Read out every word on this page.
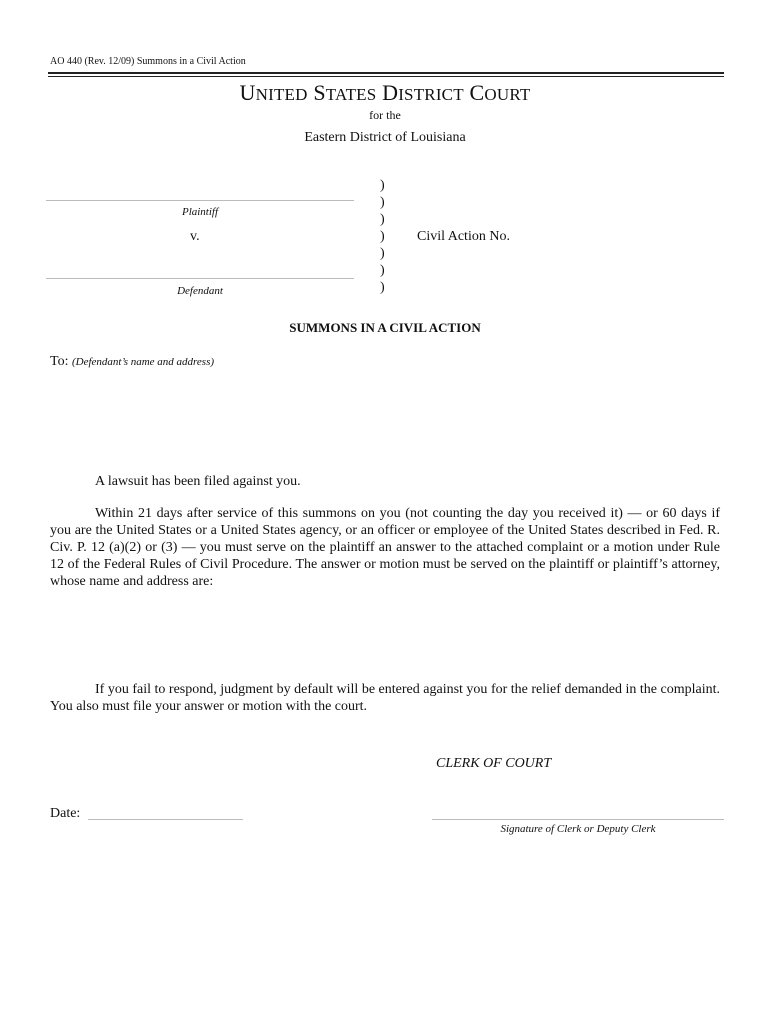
AO 440 (Rev. 12/09) Summons in a Civil Action
UNITED STATES DISTRICT COURT
for the
Eastern District of Louisiana
)
)
)
)
)
)
)
Plaintiff
v.	Civil Action No.
Defendant
SUMMONS IN A CIVIL ACTION
To: (Defendant’s name and address)
A lawsuit has been filed against you.
Within 21 days after service of this summons on you (not counting the day you received it) — or 60 days if you are the United States or a United States agency, or an officer or employee of the United States described in Fed. R. Civ. P. 12 (a)(2) or (3) — you must serve on the plaintiff an answer to the attached complaint or a motion under Rule 12 of the Federal Rules of Civil Procedure. The answer or motion must be served on the plaintiff or plaintiff’s attorney, whose name and address are:
If you fail to respond, judgment by default will be entered against you for the relief demanded in the complaint. You also must file your answer or motion with the court.
CLERK OF COURT
Date:
Signature of Clerk or Deputy Clerk
